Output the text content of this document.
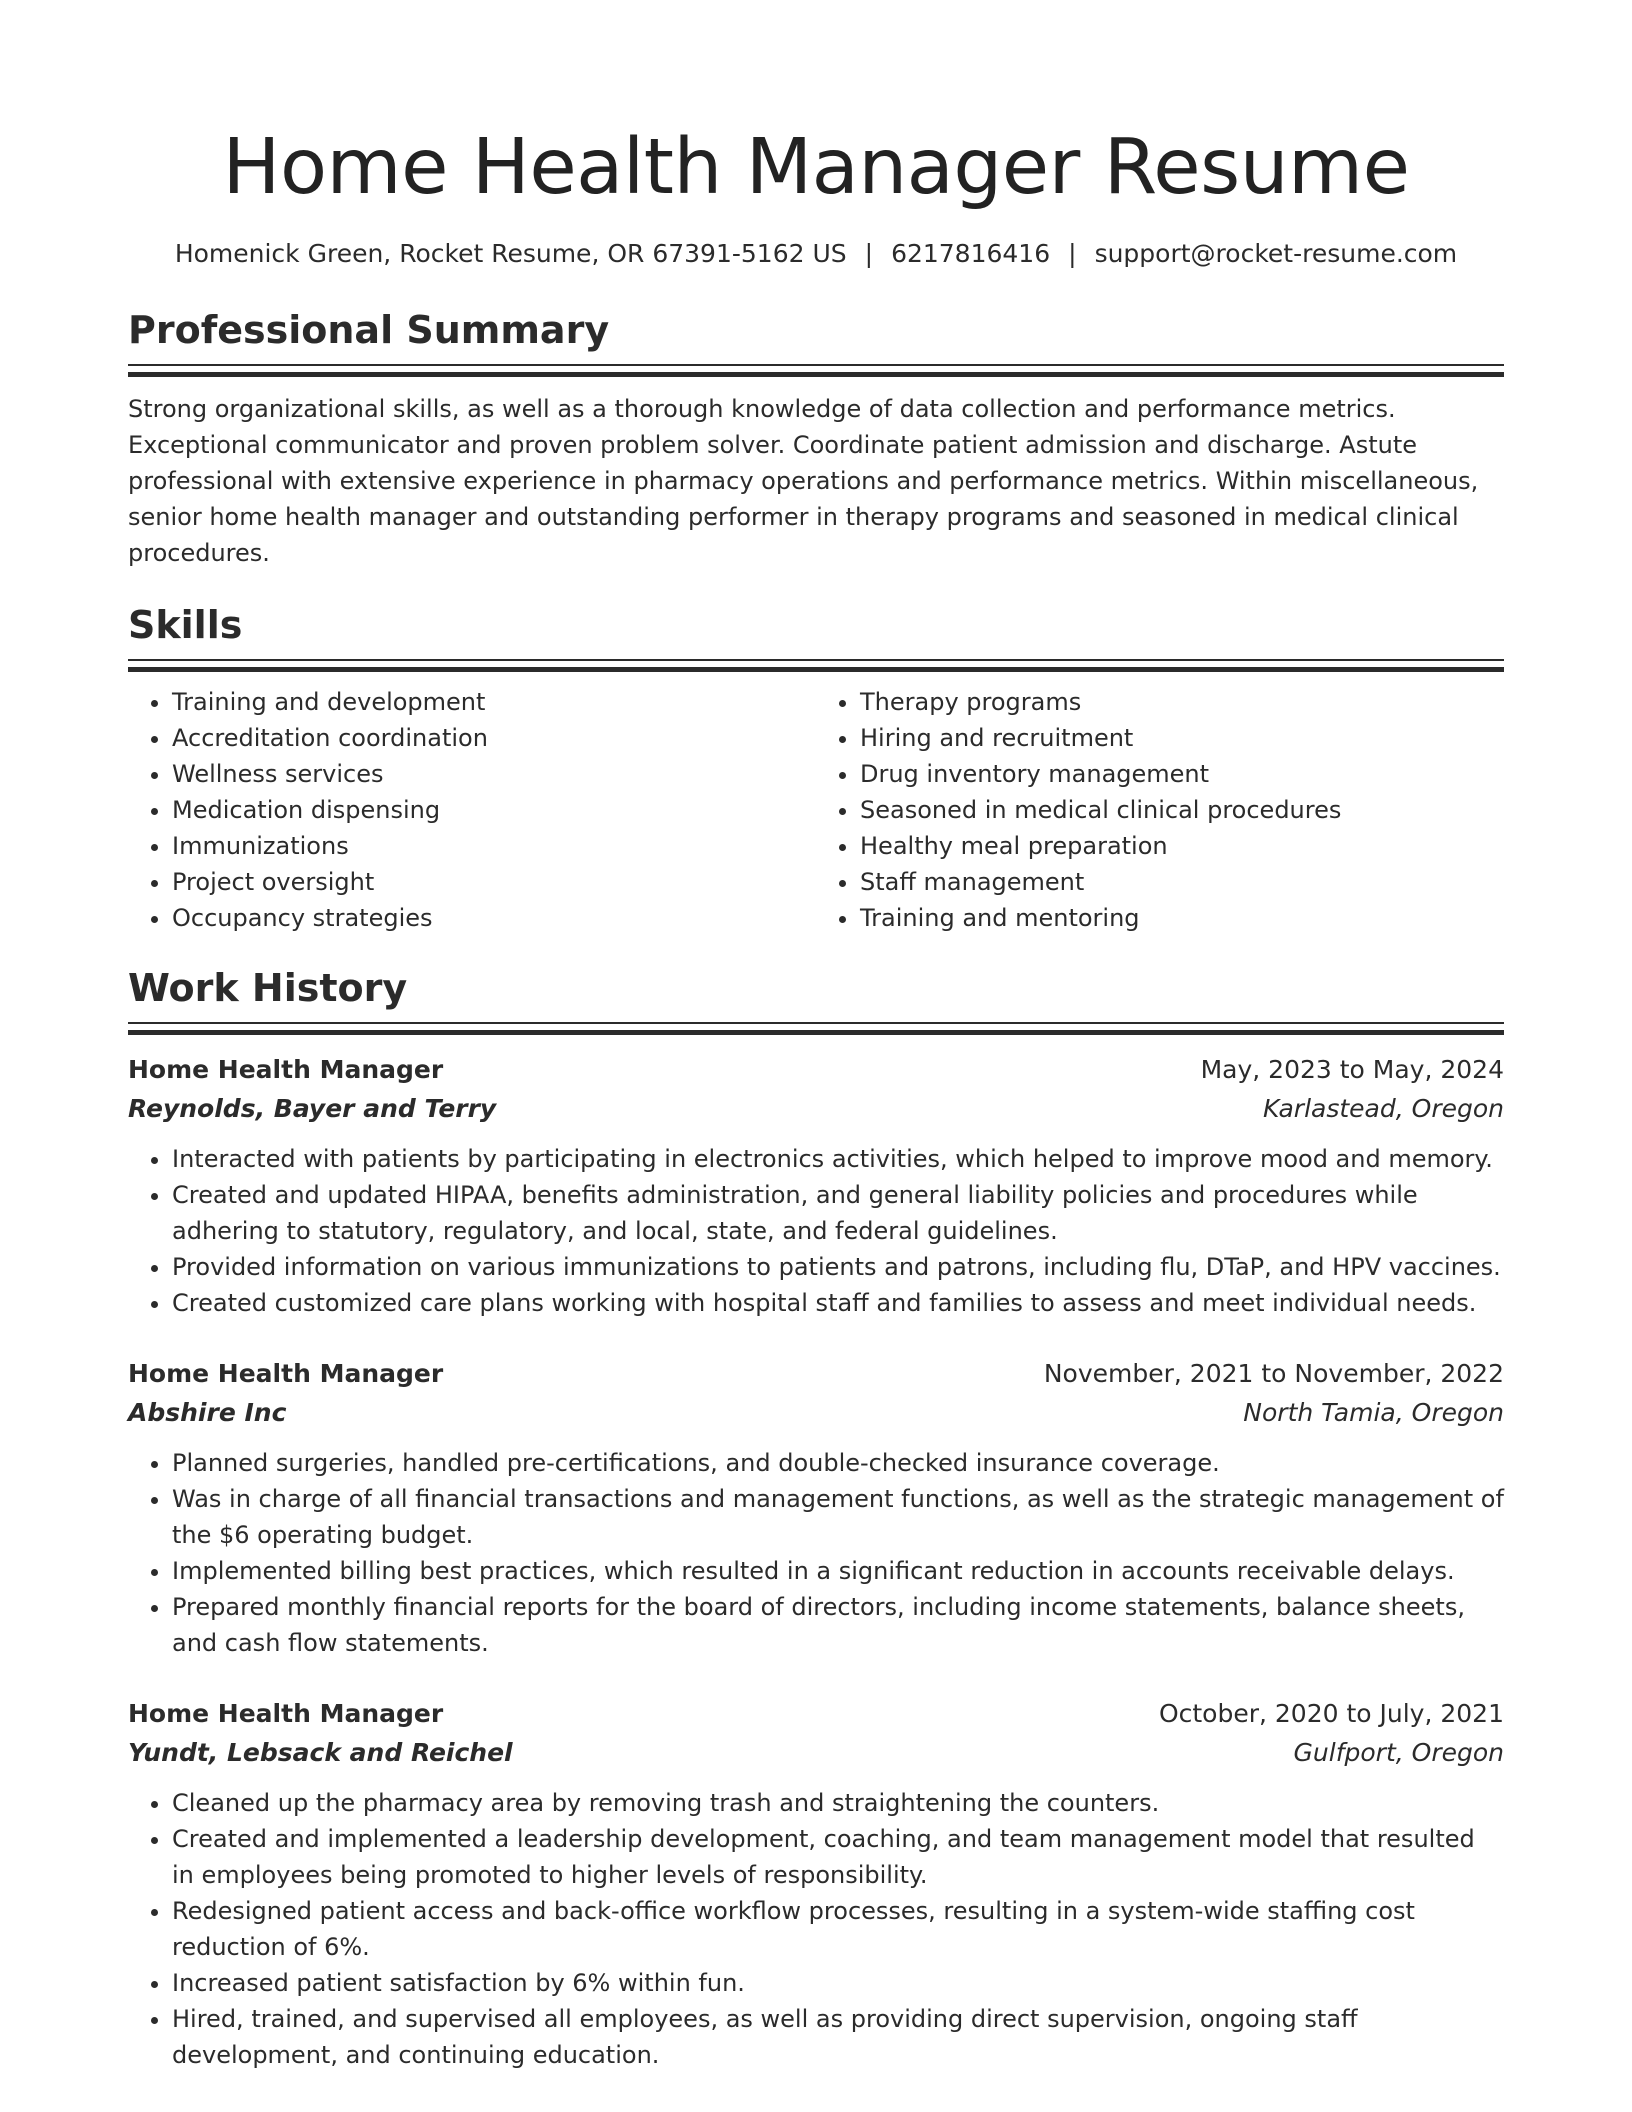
Home Health Manager Resume
Homenick Green, Rocket Resume, OR 67391-5162 US | 6217816416 | support@rocket-resume.com
Professional Summary

Strong organizational skills, as well as a thorough knowledge of data collection and performance metrics. Exceptional communicator and proven problem solver. Coordinate patient admission and discharge. Astute professional with extensive experience in pharmacy operations and performance metrics. Within miscellaneous, senior home health manager and outstanding performer in therapy programs and seasoned in medical clinical procedures.

Skills
• Training and development
• Accreditation coordination
• Wellness services
• Medication dispensing
• Immunizations
• Project oversight
• Occupancy strategies
• Therapy programs
• Hiring and recruitment
• Drug inventory management
• Seasoned in medical clinical procedures
• Healthy meal preparation
• Staff management
• Training and mentoring
Work History
Home Health Manager	May, 2023 to May, 2024
Reynolds, Bayer and Terry	Karlastead, Oregon
• Interacted with patients by participating in electronics activities, which helped to improve mood and memory.
• Created and updated HIPAA, benefits administration, and general liability policies and procedures while adhering to statutory, regulatory, and local, state, and federal guidelines.
• Provided information on various immunizations to patients and patrons, including flu, DTaP, and HPV vaccines.
• Created customized care plans working with hospital staff and families to assess and meet individual needs.
Home Health Manager	November, 2021 to November, 2022
Abshire Inc	North Tamia, Oregon
• Planned surgeries, handled pre-certifications, and double-checked insurance coverage.
• Was in charge of all financial transactions and management functions, as well as the strategic management of the $6 operating budget.
• Implemented billing best practices, which resulted in a significant reduction in accounts receivable delays.
• Prepared monthly financial reports for the board of directors, including income statements, balance sheets, and cash flow statements.
Home Health Manager	October, 2020 to July, 2021
Yundt, Lebsack and Reichel	Gulfport, Oregon
• Cleaned up the pharmacy area by removing trash and straightening the counters.
• Created and implemented a leadership development, coaching, and team management model that resulted in employees being promoted to higher levels of responsibility.
• Redesigned patient access and back-office workflow processes, resulting in a system-wide staffing cost reduction of 6%.
• Increased patient satisfaction by 6% within fun.
• Hired, trained, and supervised all employees, as well as providing direct supervision, ongoing staff development, and continuing education.
